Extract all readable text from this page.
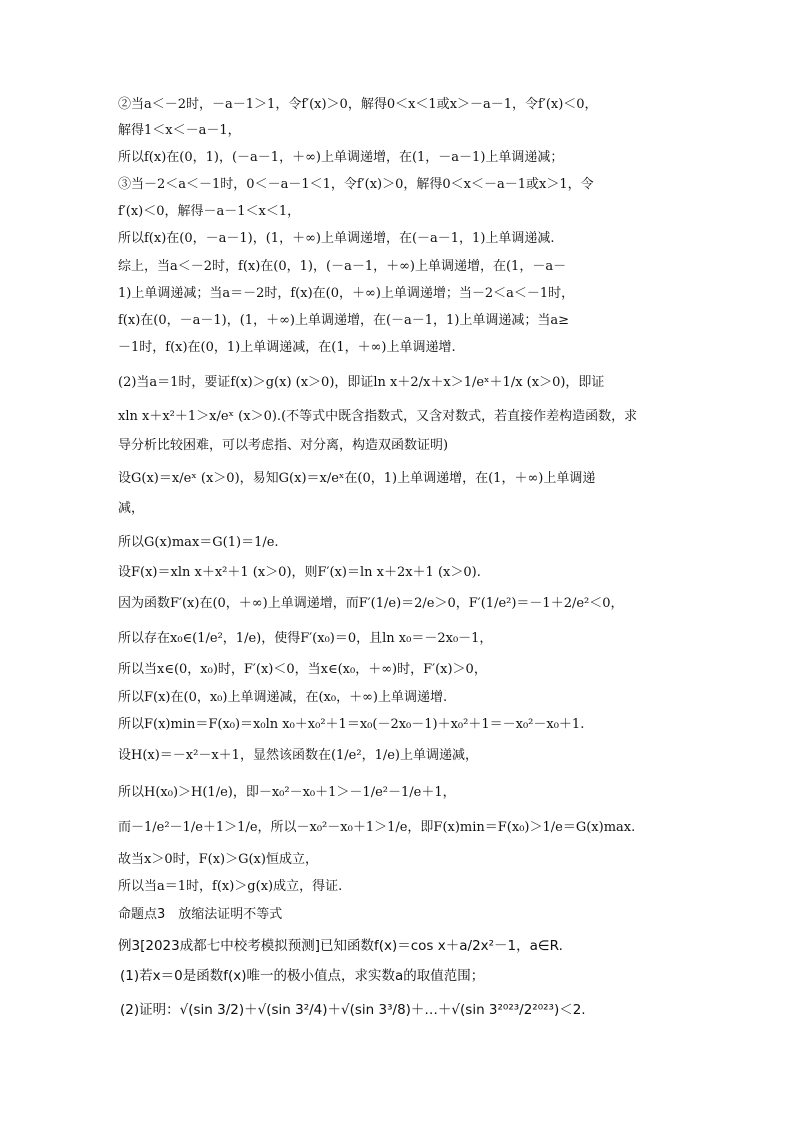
②当a＜－2时，－a－1＞1，令f′(x)＞0，解得0＜x＜1或x＞－a－1，令f′(x)＜0，
解得1＜x＜－a－1，
所以f(x)在(0，1)，(－a－1，＋∞)上单调递增，在(1，－a－1)上单调递减；
③当－2＜a＜－1时，0＜－a－1＜1，令f′(x)＞0，解得0＜x＜－a－1或x＞1，令
f′(x)＜0，解得－a－1＜x＜1，
所以f(x)在(0，－a－1)，(1，＋∞)上单调递增，在(－a－1，1)上单调递减.
综上，当a＜－2时，f(x)在(0，1)，(－a－1，＋∞)上单调递增，在(1，－a－
1)上单调递减；当a＝－2时，f(x)在(0，＋∞)上单调递增；当－2＜a＜－1时，
f(x)在(0，－a－1)，(1，＋∞)上单调递增，在(－a－1，1)上单调递减；当a≥
－1时，f(x)在(0，1)上单调递减，在(1，＋∞)上单调递增.
(2)当a＝1时，要证f(x)＞g(x) (x＞0)，即证ln x＋2/x＋x＞1/eˣ＋1/x (x＞0)，即证
xln x＋x²＋1＞x/eˣ (x＞0).(不等式中既含指数式，又含对数式，若直接作差构造函数，求
导分析比较困难，可以考虑指、对分离，构造双函数证明)
设G(x)＝x/eˣ (x＞0)，易知G(x)＝x/eˣ在(0，1)上单调递增，在(1，＋∞)上单调递
减，
所以G(x)max＝G(1)＝1/e.
设F(x)＝xln x＋x²＋1 (x＞0)，则F′(x)＝ln x＋2x＋1 (x＞0).
因为函数F′(x)在(0，＋∞)上单调递增，而F′(1/e)＝2/e＞0，F′(1/e²)＝－1＋2/e²＜0，
所以存在x₀∈(1/e²，1/e)，使得F′(x₀)＝0，且ln x₀＝－2x₀－1，
所以当x∈(0，x₀)时，F′(x)＜0，当x∈(x₀，＋∞)时，F′(x)＞0，
所以F(x)在(0，x₀)上单调递减，在(x₀，＋∞)上单调递增.
所以F(x)min＝F(x₀)＝x₀ln x₀＋x₀²＋1＝x₀(－2x₀－1)＋x₀²＋1＝－x₀²－x₀＋1.
设H(x)＝－x²－x＋1，显然该函数在(1/e²，1/e)上单调递减，
所以H(x₀)＞H(1/e)，即－x₀²－x₀＋1＞－1/e²－1/e＋1，
而－1/e²－1/e＋1＞1/e，所以－x₀²－x₀＋1＞1/e，即F(x)min＝F(x₀)＞1/e＝G(x)max.
故当x＞0时，F(x)＞G(x)恒成立，
所以当a＝1时，f(x)＞g(x)成立，得证.
命题点3　放缩法证明不等式
例3[2023成都七中校考模拟预测]已知函数f(x)＝cos x＋a/2x²－1，a∈R.
(1)若x＝0是函数f(x)唯一的极小值点，求实数a的取值范围；
(2)证明：√(sin 3/2)＋√(sin 3²/4)＋√(sin 3³/8)＋…＋√(sin 3²⁰²³/2²⁰²³)＜2.
